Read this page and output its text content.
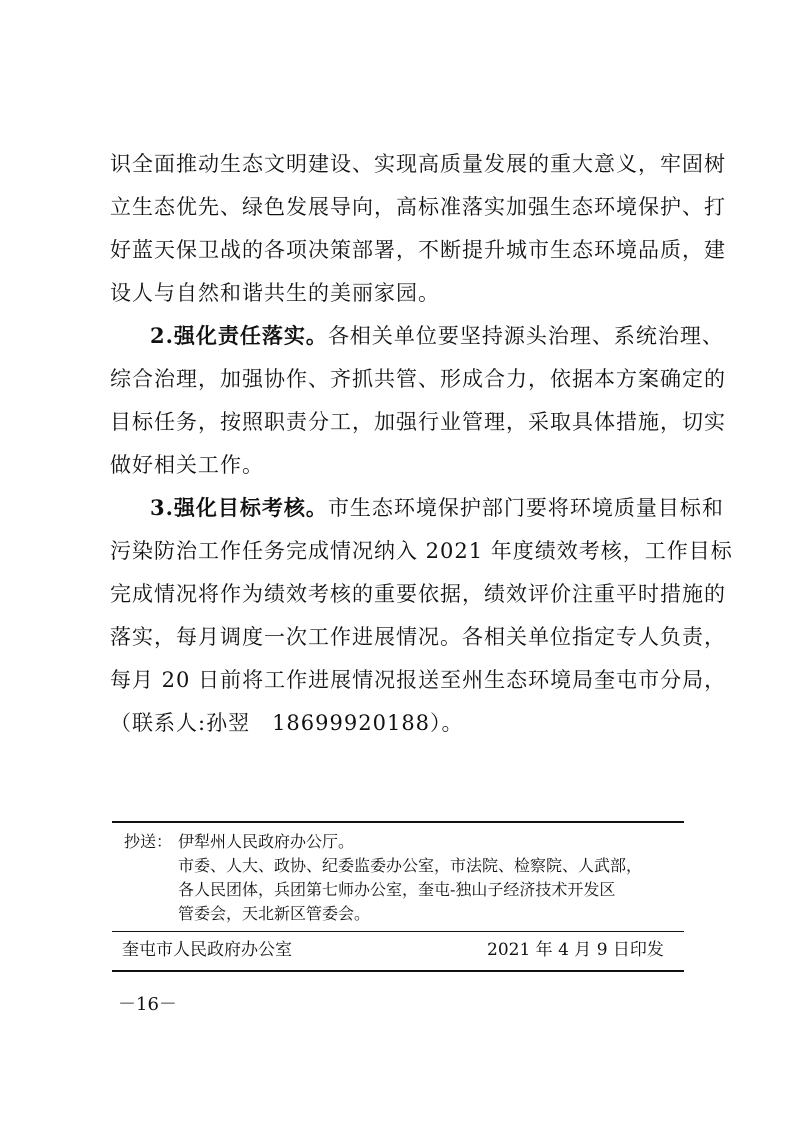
识全面推动生态文明建设、实现高质量发展的重大意义，牢固树
立生态优先、绿色发展导向，高标准落实加强生态环境保护、打
好蓝天保卫战的各项决策部署，不断提升城市生态环境品质，建
设人与自然和谐共生的美丽家园。
2.强化责任落实。各相关单位要坚持源头治理、系统治理、
综合治理，加强协作、齐抓共管、形成合力，依据本方案确定的
目标任务，按照职责分工，加强行业管理，采取具体措施，切实
做好相关工作。
3.强化目标考核。市生态环境保护部门要将环境质量目标和
污染防治工作任务完成情况纳入 2021 年度绩效考核，工作目标
完成情况将作为绩效考核的重要依据，绩效评价注重平时措施的
落实，每月调度一次工作进展情况。各相关单位指定专人负责，
每月 20 日前将工作进展情况报送至州生态环境局奎屯市分局，
（联系人:孙翌　18699920188）。
抄送： 伊犁州人民政府办公厅。
市委、人大、政协、纪委监委办公室，市法院、检察院、人武部，
各人民团体，兵团第七师办公室，奎屯-独山子经济技术开发区
管委会，天北新区管委会。
奎屯市人民政府办公室	2021 年 4 月 9 日印发
－16－
